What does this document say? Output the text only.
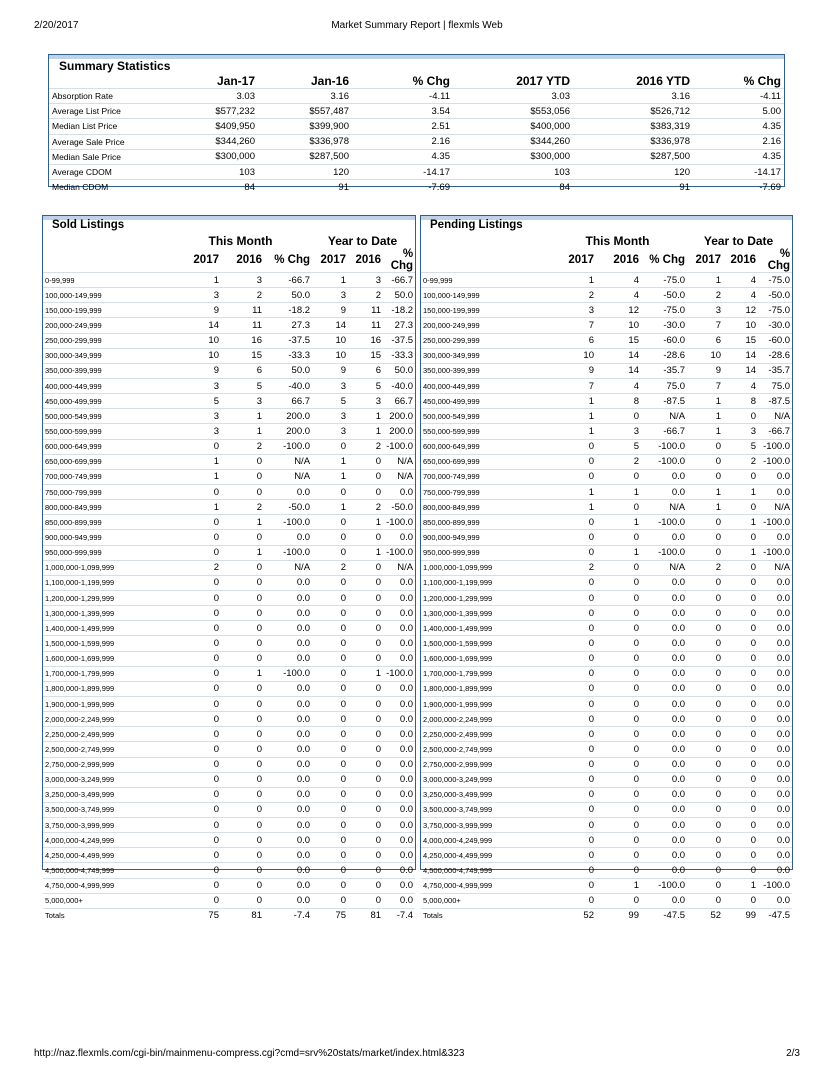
2/20/2017	Market Summary Report | flexmls Web
Summary Statistics
	Jan-17	Jan-16	% Chg	2017 YTD	2016 YTD	% Chg
Absorption Rate	3.03	3.16	-4.11	3.03	3.16	-4.11
Average List Price	$577,232	$557,487	3.54	$553,056	$526,712	5.00
Median List Price	$409,950	$399,900	2.51	$400,000	$383,319	4.35
Average Sale Price	$344,260	$336,978	2.16	$344,260	$336,978	2.16
Median Sale Price	$300,000	$287,500	4.35	$300,000	$287,500	4.35
Average CDOM	103	120	-14.17	103	120	-14.17
Median CDOM	84	91	-7.69	84	91	-7.69
Sold Listings
	This Month			Year to Date		
	2017	2016	% Chg	2017	2016	% Chg
0-99,999	1	3	-66.7	1	3	-66.7
100,000-149,999	3	2	50.0	3	2	50.0
150,000-199,999	9	11	-18.2	9	11	-18.2
200,000-249,999	14	11	27.3	14	11	27.3
250,000-299,999	10	16	-37.5	10	16	-37.5
300,000-349,999	10	15	-33.3	10	15	-33.3
350,000-399,999	9	6	50.0	9	6	50.0
400,000-449,999	3	5	-40.0	3	5	-40.0
450,000-499,999	5	3	66.7	5	3	66.7
500,000-549,999	3	1	200.0	3	1	200.0
550,000-599,999	3	1	200.0	3	1	200.0
600,000-649,999	0	2	-100.0	0	2	-100.0
650,000-699,999	1	0	N/A	1	0	N/A
700,000-749,999	1	0	N/A	1	0	N/A
750,000-799,999	0	0	0.0	0	0	0.0
800,000-849,999	1	2	-50.0	1	2	-50.0
850,000-899,999	0	1	-100.0	0	1	-100.0
900,000-949,999	0	0	0.0	0	0	0.0
950,000-999,999	0	1	-100.0	0	1	-100.0
1,000,000-1,099,999	2	0	N/A	2	0	N/A
1,100,000-1,199,999	0	0	0.0	0	0	0.0
1,200,000-1,299,999	0	0	0.0	0	0	0.0
1,300,000-1,399,999	0	0	0.0	0	0	0.0
1,400,000-1,499,999	0	0	0.0	0	0	0.0
1,500,000-1,599,999	0	0	0.0	0	0	0.0
1,600,000-1,699,999	0	0	0.0	0	0	0.0
1,700,000-1,799,999	0	1	-100.0	0	1	-100.0
1,800,000-1,899,999	0	0	0.0	0	0	0.0
1,900,000-1,999,999	0	0	0.0	0	0	0.0
2,000,000-2,249,999	0	0	0.0	0	0	0.0
2,250,000-2,499,999	0	0	0.0	0	0	0.0
2,500,000-2,749,999	0	0	0.0	0	0	0.0
2,750,000-2,999,999	0	0	0.0	0	0	0.0
3,000,000-3,249,999	0	0	0.0	0	0	0.0
3,250,000-3,499,999	0	0	0.0	0	0	0.0
3,500,000-3,749,999	0	0	0.0	0	0	0.0
3,750,000-3,999,999	0	0	0.0	0	0	0.0
4,000,000-4,249,999	0	0	0.0	0	0	0.0
4,250,000-4,499,999	0	0	0.0	0	0	0.0
4,500,000-4,749,999	0	0	0.0	0	0	0.0
4,750,000-4,999,999	0	0	0.0	0	0	0.0
5,000,000+	0	0	0.0	0	0	0.0
Totals	75	81	-7.4	75	81	-7.4
Pending Listings
	This Month			Year to Date		
	2017	2016	% Chg	2017	2016	% Chg
0-99,999	1	4	-75.0	1	4	-75.0
100,000-149,999	2	4	-50.0	2	4	-50.0
150,000-199,999	3	12	-75.0	3	12	-75.0
200,000-249,999	7	10	-30.0	7	10	-30.0
250,000-299,999	6	15	-60.0	6	15	-60.0
300,000-349,999	10	14	-28.6	10	14	-28.6
350,000-399,999	9	14	-35.7	9	14	-35.7
400,000-449,999	7	4	75.0	7	4	75.0
450,000-499,999	1	8	-87.5	1	8	-87.5
500,000-549,999	1	0	N/A	1	0	N/A
550,000-599,999	1	3	-66.7	1	3	-66.7
600,000-649,999	0	5	-100.0	0	5	-100.0
650,000-699,999	0	2	-100.0	0	2	-100.0
700,000-749,999	0	0	0.0	0	0	0.0
750,000-799,999	1	1	0.0	1	1	0.0
800,000-849,999	1	0	N/A	1	0	N/A
850,000-899,999	0	1	-100.0	0	1	-100.0
900,000-949,999	0	0	0.0	0	0	0.0
950,000-999,999	0	1	-100.0	0	1	-100.0
1,000,000-1,099,999	2	0	N/A	2	0	N/A
1,100,000-1,199,999	0	0	0.0	0	0	0.0
1,200,000-1,299,999	0	0	0.0	0	0	0.0
1,300,000-1,399,999	0	0	0.0	0	0	0.0
1,400,000-1,499,999	0	0	0.0	0	0	0.0
1,500,000-1,599,999	0	0	0.0	0	0	0.0
1,600,000-1,699,999	0	0	0.0	0	0	0.0
1,700,000-1,799,999	0	0	0.0	0	0	0.0
1,800,000-1,899,999	0	0	0.0	0	0	0.0
1,900,000-1,999,999	0	0	0.0	0	0	0.0
2,000,000-2,249,999	0	0	0.0	0	0	0.0
2,250,000-2,499,999	0	0	0.0	0	0	0.0
2,500,000-2,749,999	0	0	0.0	0	0	0.0
2,750,000-2,999,999	0	0	0.0	0	0	0.0
3,000,000-3,249,999	0	0	0.0	0	0	0.0
3,250,000-3,499,999	0	0	0.0	0	0	0.0
3,500,000-3,749,999	0	0	0.0	0	0	0.0
3,750,000-3,999,999	0	0	0.0	0	0	0.0
4,000,000-4,249,999	0	0	0.0	0	0	0.0
4,250,000-4,499,999	0	0	0.0	0	0	0.0
4,500,000-4,749,999	0	0	0.0	0	0	0.0
4,750,000-4,999,999	0	1	-100.0	0	1	-100.0
5,000,000+	0	0	0.0	0	0	0.0
Totals	52	99	-47.5	52	99	-47.5
http://naz.flexmls.com/cgi-bin/mainmenu-compress.cgi?cmd=srv%20stats/market/index.html&323	2/3
